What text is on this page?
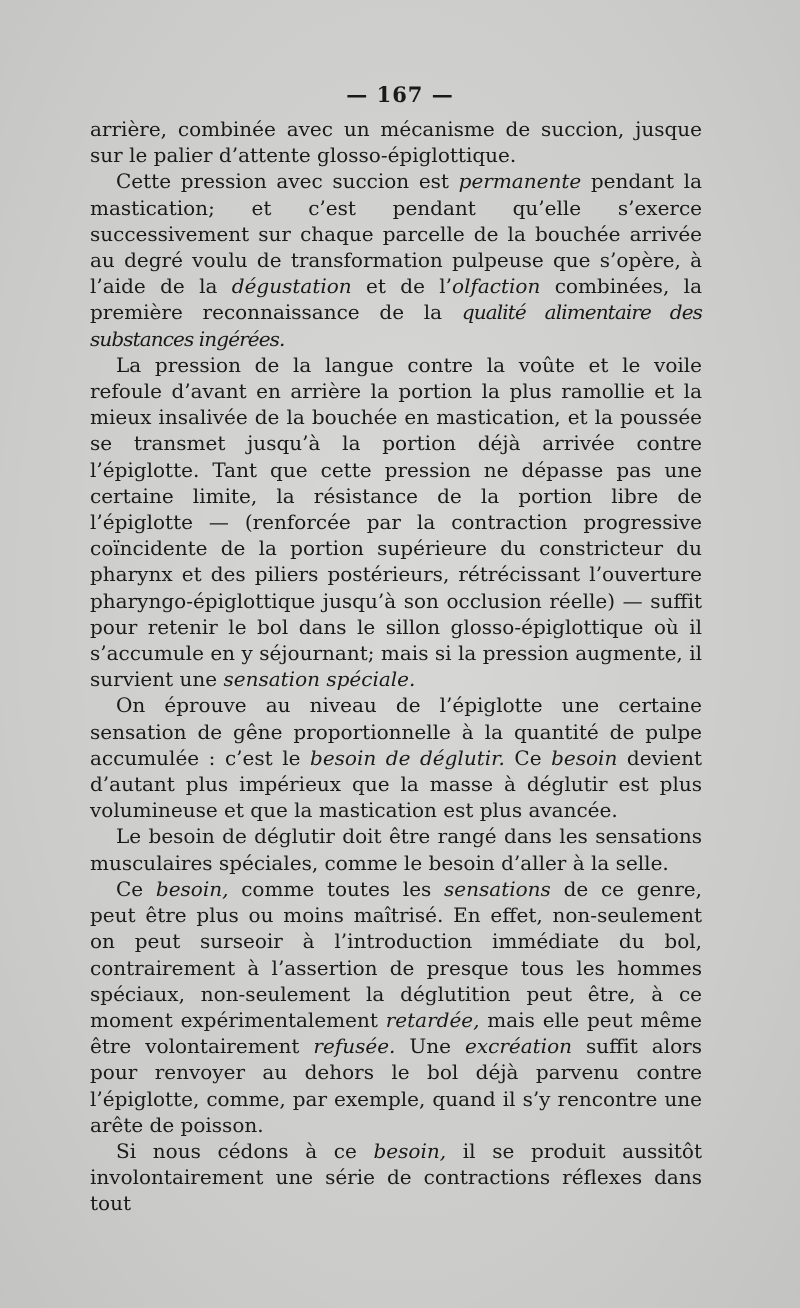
— 167 —

arrière, combinée avec un mécanisme de succion, jusque sur le palier d’attente glosso-épiglottique.

Cette pression avec succion est permanente pendant la mastication; et c’est pendant qu’elle s’exerce successivement sur chaque parcelle de la bouchée arrivée au degré voulu de transformation pulpeuse que s’opère, à l’aide de la dégustation et de l’olfaction combinées, la première reconnaissance de la qualité alimentaire des substances ingérées.

La pression de la langue contre la voûte et le voile refoule d’avant en arrière la portion la plus ramollie et la mieux insalivée de la bouchée en mastication, et la poussée se transmet jusqu’à la portion déjà arrivée contre l’épiglotte. Tant que cette pression ne dépasse pas une certaine limite, la résistance de la portion libre de l’épiglotte — (renforcée par la contraction progressive coïncidente de la portion supérieure du constricteur du pharynx et des piliers postérieurs, rétrécissant l’ouverture pharyngo-épiglottique jusqu’à son occlusion réelle) — suffit pour retenir le bol dans le sillon glosso-épiglottique où il s’accumule en y séjournant; mais si la pression augmente, il survient une sensation spéciale.

On éprouve au niveau de l’épiglotte une certaine sensation de gêne proportionnelle à la quantité de pulpe accumulée : c’est le besoin de déglutir. Ce besoin devient d’autant plus impérieux que la masse à déglutir est plus volumineuse et que la mastication est plus avancée.

Le besoin de déglutir doit être rangé dans les sensations musculaires spéciales, comme le besoin d’aller à la selle.

Ce besoin, comme toutes les sensations de ce genre, peut être plus ou moins maîtrisé. En effet, non-seulement on peut surseoir à l’introduction immédiate du bol, contrairement à l’assertion de presque tous les hommes spéciaux, non-seulement la déglutition peut être, à ce moment expérimentalement retardée, mais elle peut même être volontairement refusée. Une excréation suffit alors pour renvoyer au dehors le bol déjà parvenu contre l’épiglotte, comme, par exemple, quand il s’y rencontre une arête de poisson.

Si nous cédons à ce besoin, il se produit aussitôt involontairement une série de contractions réflexes dans tout
